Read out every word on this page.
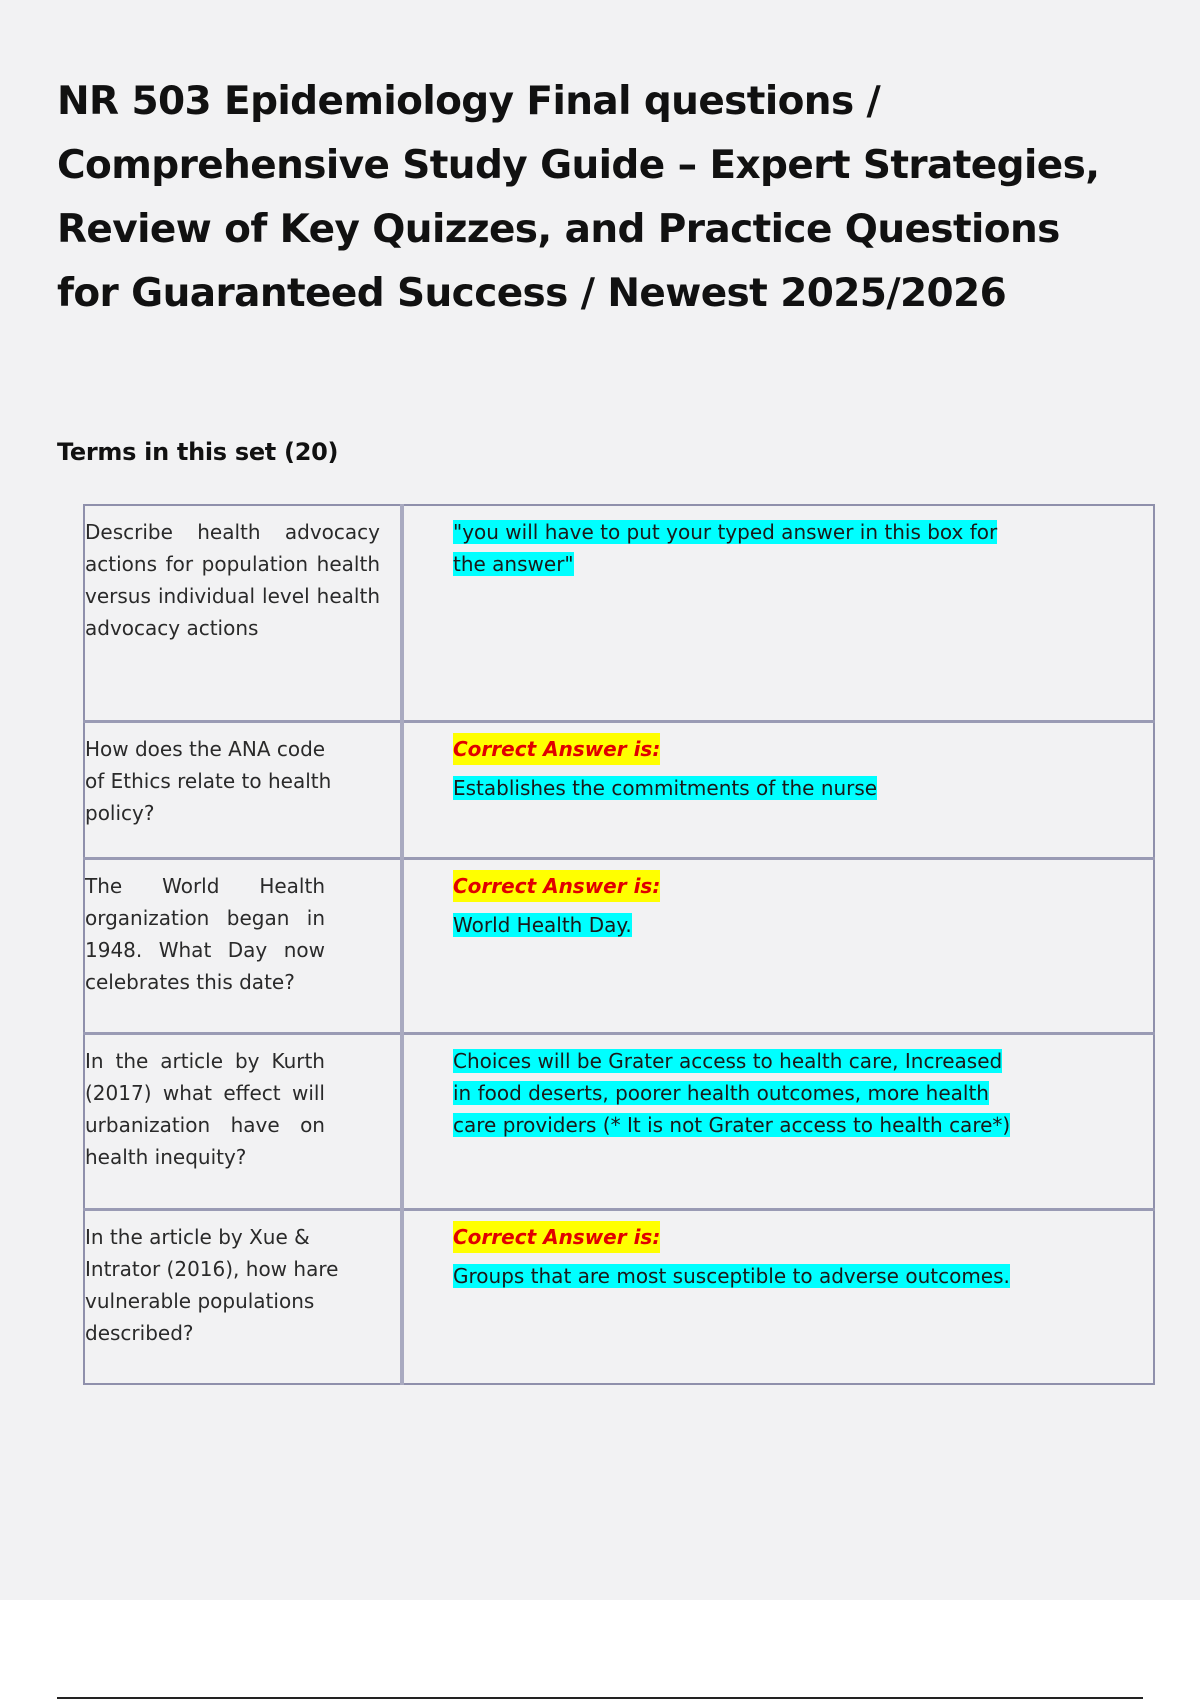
NR 503 Epidemiology Final questions / Comprehensive Study Guide – Expert Strategies, Review of Key Quizzes, and Practice Questions for Guaranteed Success / Newest 2025/2026
Terms in this set (20)
Describe health advocacy actions for population health versus individual level health advocacy actions	"you will have to put your typed answer in this box for the answer"

How does the ANA code of Ethics relate to health policy?	Correct Answer is:
Establishes the commitments of the nurse

The World Health organization began in 1948. What Day now celebrates this date?	Correct Answer is:
World Health Day.

In the article by Kurth (2017) what effect will urbanization have on health inequity?	Choices will be Grater access to health care, Increased in food deserts, poorer health outcomes, more health care providers (* It is not Grater access to health care*)

In the article by Xue & Intrator (2016), how hare vulnerable populations described?	Correct Answer is:
Groups that are most susceptible to adverse outcomes.
